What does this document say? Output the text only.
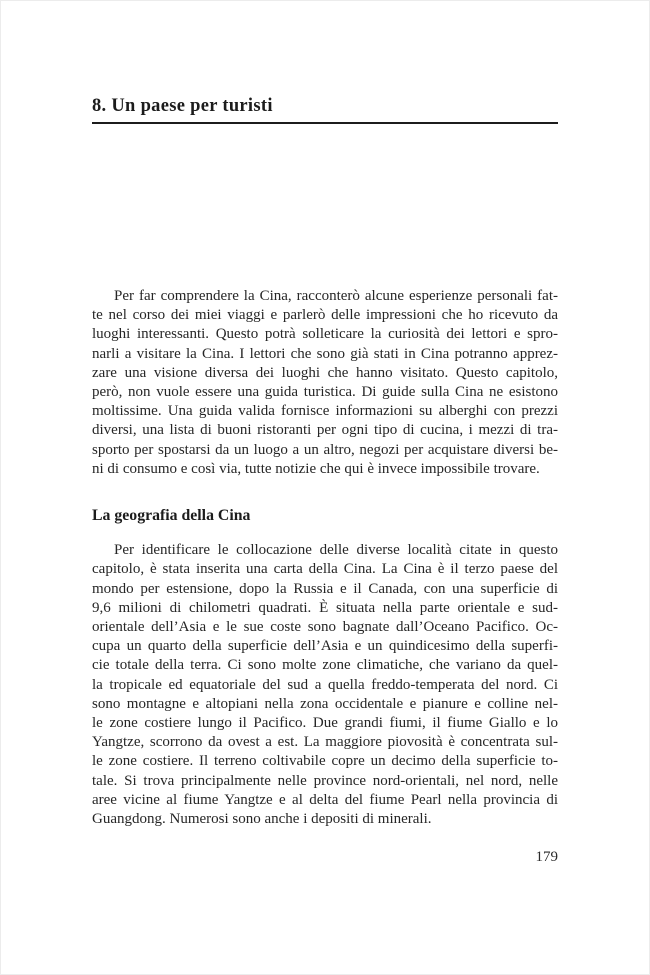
8. Un paese per turisti
Per far comprendere la Cina, racconterò alcune esperienze personali fat-
te nel corso dei miei viaggi e parlerò delle impressioni che ho ricevuto da
luoghi interessanti. Questo potrà solleticare la curiosità dei lettori e spro-
narli a visitare la Cina. I lettori che sono già stati in Cina potranno apprez-
zare una visione diversa dei luoghi che hanno visitato. Questo capitolo,
però, non vuole essere una guida turistica. Di guide sulla Cina ne esistono
moltissime. Una guida valida fornisce informazioni su alberghi con prezzi
diversi, una lista di buoni ristoranti per ogni tipo di cucina, i mezzi di tra-
sporto per spostarsi da un luogo a un altro, negozi per acquistare diversi be-
ni di consumo e così via, tutte notizie che qui è invece impossibile trovare.
La geografia della Cina
Per identificare le collocazione delle diverse località citate in questo
capitolo, è stata inserita una carta della Cina. La Cina è il terzo paese del
mondo per estensione, dopo la Russia e il Canada, con una superficie di
9,6 milioni di chilometri quadrati. È situata nella parte orientale e sud-
orientale dell’Asia e le sue coste sono bagnate dall’Oceano Pacifico. Oc-
cupa un quarto della superficie dell’Asia e un quindicesimo della superfi-
cie totale della terra. Ci sono molte zone climatiche, che variano da quel-
la tropicale ed equatoriale del sud a quella freddo-temperata del nord. Ci
sono montagne e altopiani nella zona occidentale e pianure e colline nel-
le zone costiere lungo il Pacifico. Due grandi fiumi, il fiume Giallo e lo
Yangtze, scorrono da ovest a est. La maggiore piovosità è concentrata sul-
le zone costiere. Il terreno coltivabile copre un decimo della superficie to-
tale. Si trova principalmente nelle province nord-orientali, nel nord, nelle
aree vicine al fiume Yangtze e al delta del fiume Pearl nella provincia di
Guangdong. Numerosi sono anche i depositi di minerali.
179
